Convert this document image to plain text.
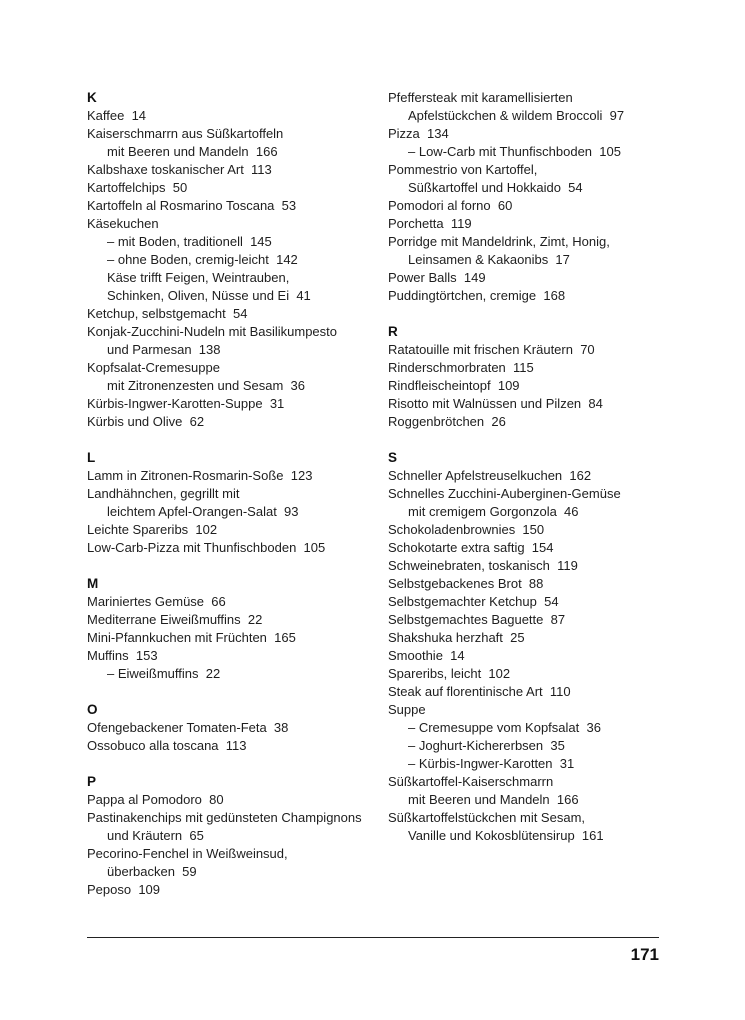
K
Kaffee  14
Kaiserschmarrn aus Süßkartoffeln
mit Beeren und Mandeln  166
Kalbshaxe toskanischer Art  113
Kartoffelchips  50
Kartoffeln al Rosmarino Toscana  53
Käsekuchen
– mit Boden, traditionell  145
– ohne Boden, cremig-leicht  142
Käse trifft Feigen, Weintrauben,
Schinken, Oliven, Nüsse und Ei  41
Ketchup, selbstgemacht  54
Konjak-Zucchini-Nudeln mit Basilikumpesto
und Parmesan  138
Kopfsalat-Cremesuppe
mit Zitronenzesten und Sesam  36
Kürbis-Ingwer-Karotten-Suppe  31
Kürbis und Olive  62
L
Lamm in Zitronen-Rosmarin-Soße  123
Landhähnchen, gegrillt mit
leichtem Apfel-Orangen-Salat  93
Leichte Spareribs  102
Low-Carb-Pizza mit Thunfischboden  105
M
Mariniertes Gemüse  66
Mediterrane Eiweißmuffins  22
Mini-Pfannkuchen mit Früchten  165
Muffins  153
– Eiweißmuffins  22
O
Ofengebackener Tomaten-Feta  38
Ossobuco alla toscana  113
P
Pappa al Pomodoro  80
Pastinakenchips mit gedünsteten Champignons
und Kräutern  65
Pecorino-Fenchel in Weißweinsud,
überbacken  59
Peposo  109
Pfeffersteak mit karamellisierten
Apfelstückchen & wildem Broccoli  97
Pizza  134
– Low-Carb mit Thunfischboden  105
Pommestrio von Kartoffel,
Süßkartoffel und Hokkaido  54
Pomodori al forno  60
Porchetta  119
Porridge mit Mandeldrink, Zimt, Honig,
Leinsamen & Kakaonibs  17
Power Balls  149
Puddingtörtchen, cremige  168
R
Ratatouille mit frischen Kräutern  70
Rinderschmorbraten  115
Rindfleischeintopf  109
Risotto mit Walnüssen und Pilzen  84
Roggenbrötchen  26
S
Schneller Apfelstreuselkuchen  162
Schnelles Zucchini-Auberginen-Gemüse
mit cremigem Gorgonzola  46
Schokoladenbrownies  150
Schokotarte extra saftig  154
Schweinebraten, toskanisch  119
Selbstgebackenes Brot  88
Selbstgemachter Ketchup  54
Selbstgemachtes Baguette  87
Shakshuka herzhaft  25
Smoothie  14
Spareribs, leicht  102
Steak auf florentinische Art  110
Suppe
– Cremesuppe vom Kopfsalat  36
– Joghurt-Kichererbsen  35
– Kürbis-Ingwer-Karotten  31
Süßkartoffel-Kaiserschmarrn
mit Beeren und Mandeln  166
Süßkartoffelstückchen mit Sesam,
Vanille und Kokosblütensirup  161
171
